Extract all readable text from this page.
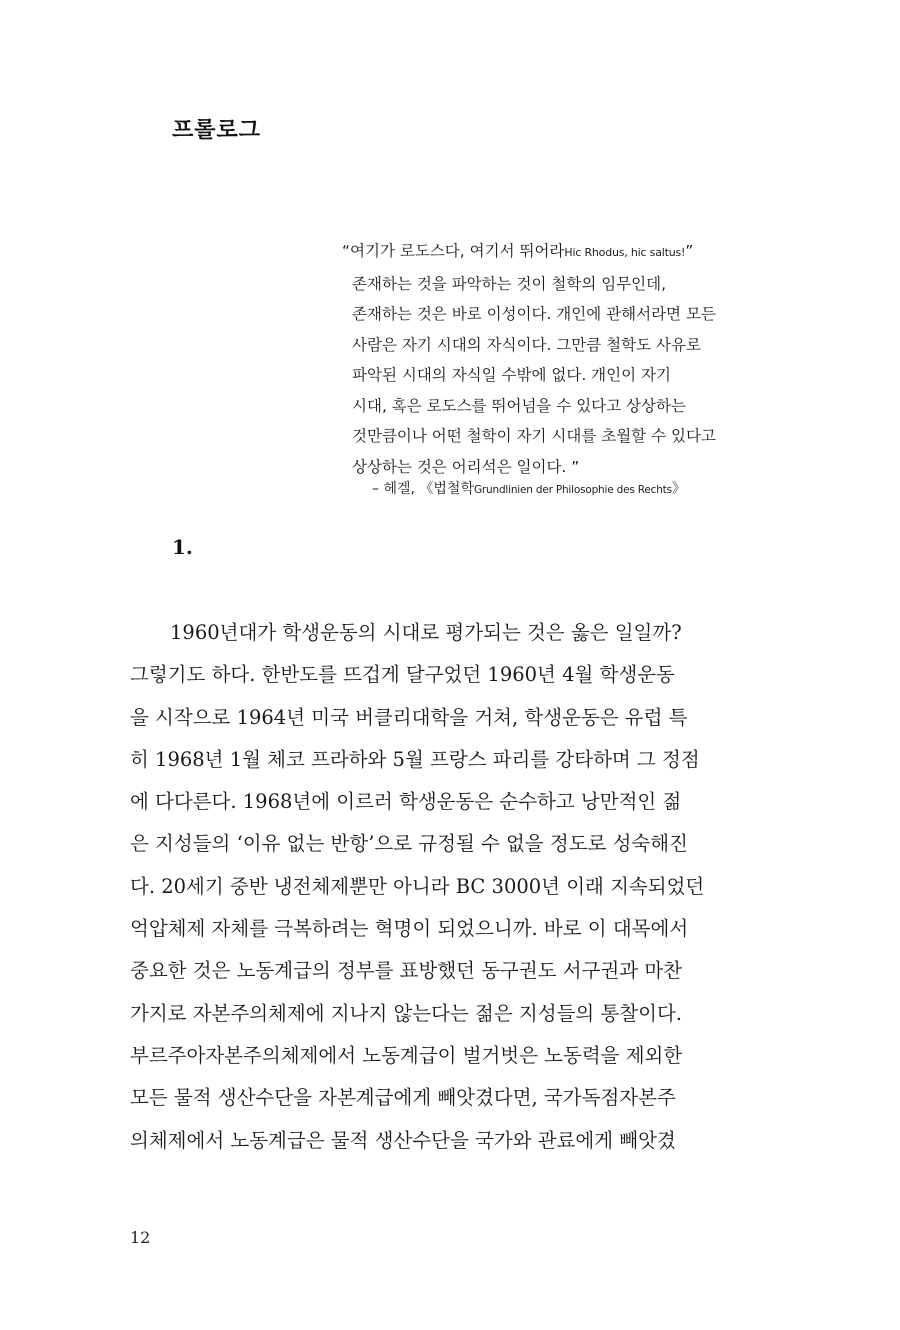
프롤로그
“여기가 로도스다, 여기서 뛰어라Hic Rhodus, hic saltus!”
존재하는 것을 파악하는 것이 철학의 임무인데,
존재하는 것은 바로 이성이다. 개인에 관해서라면 모든
사람은 자기 시대의 자식이다. 그만큼 철학도 사유로
파악된 시대의 자식일 수밖에 없다. 개인이 자기
시대, 혹은 로도스를 뛰어넘을 수 있다고 상상하는
것만큼이나 어떤 철학이 자기 시대를 초월할 수 있다고
상상하는 것은 어리석은 일이다. ”
– 헤겔, 《법철학Grundlinien der Philosophie des Rechts》
1.
1960년대가 학생운동의 시대로 평가되는 것은 옳은 일일까?
그렇기도 하다. 한반도를 뜨겁게 달구었던 1960년 4월 학생운동
을 시작으로 1964년 미국 버클리대학을 거쳐, 학생운동은 유럽 특
히 1968년 1월 체코 프라하와 5월 프랑스 파리를 강타하며 그 정점
에 다다른다. 1968년에 이르러 학생운동은 순수하고 낭만적인 젊
은 지성들의 ‘이유 없는 반항’으로 규정될 수 없을 정도로 성숙해진
다. 20세기 중반 냉전체제뿐만 아니라 BC 3000년 이래 지속되었던
억압체제 자체를 극복하려는 혁명이 되었으니까. 바로 이 대목에서
중요한 것은 노동계급의 정부를 표방했던 동구권도 서구권과 마찬
가지로 자본주의체제에 지나지 않는다는 젊은 지성들의 통찰이다.
부르주아자본주의체제에서 노동계급이 벌거벗은 노동력을 제외한
모든 물적 생산수단을 자본계급에게 빼앗겼다면, 국가독점자본주
의체제에서 노동계급은 물적 생산수단을 국가와 관료에게 빼앗겼
12
